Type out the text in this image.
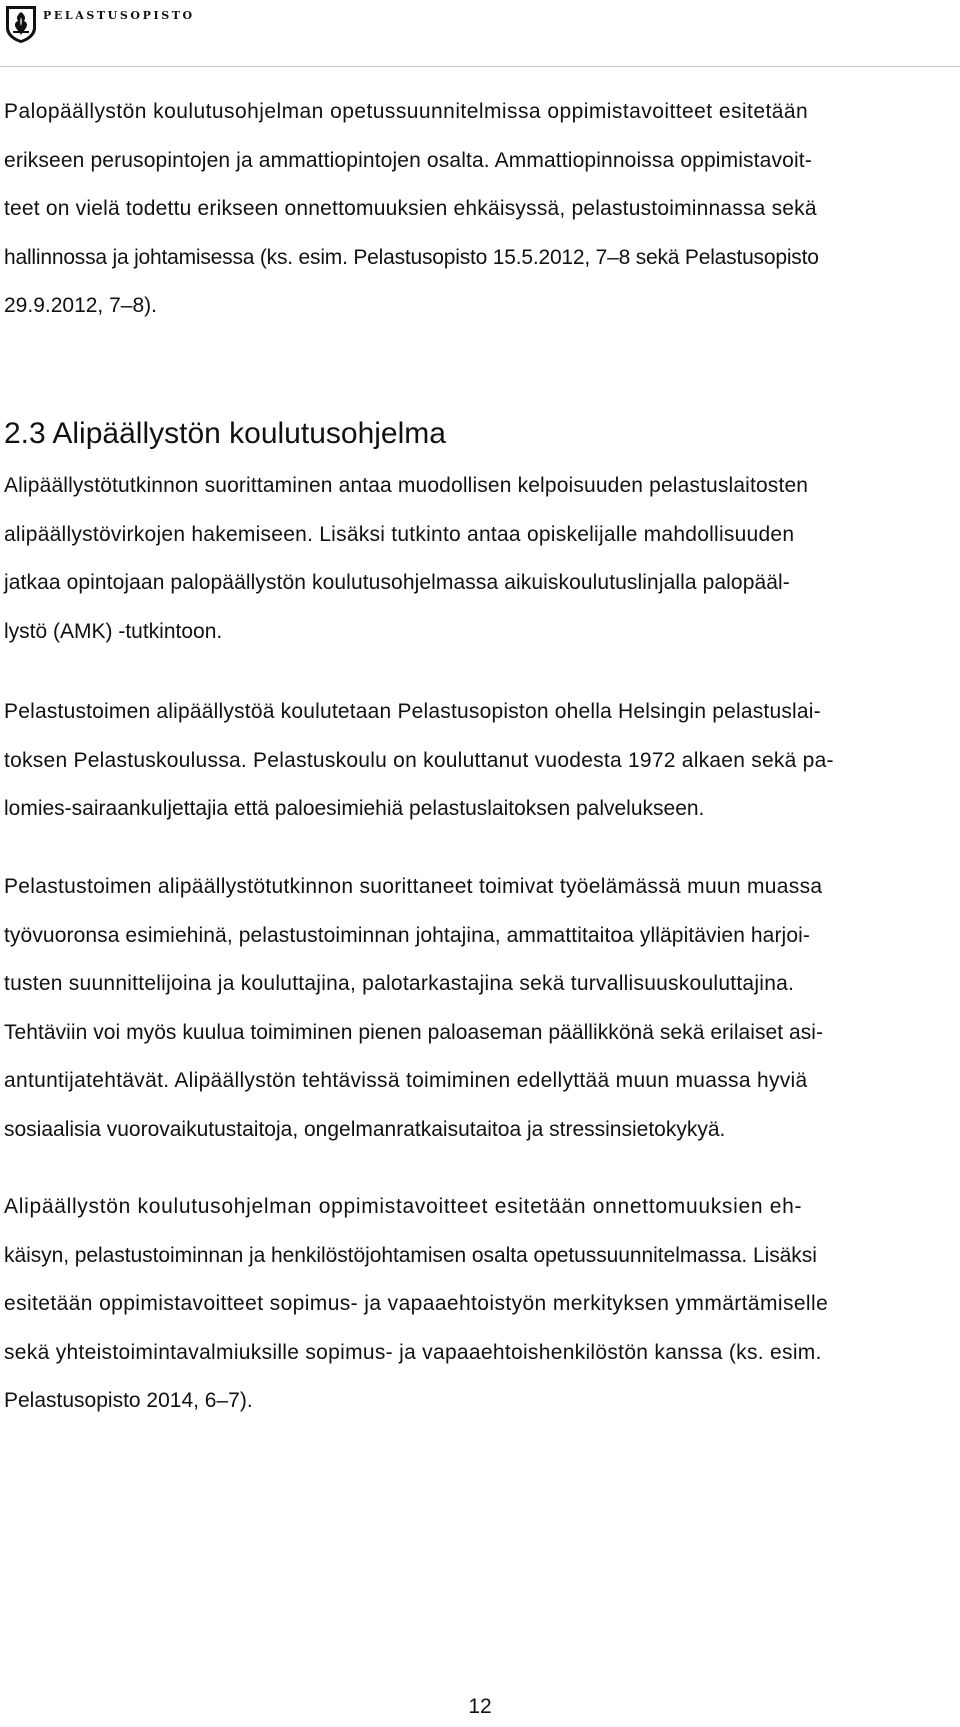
PELASTUSOPISTO

Palopäällystön koulutusohjelman opetussuunnitelmissa oppimistavoitteet esitetään
erikseen perusopintojen ja ammattiopintojen osalta. Ammattiopinnoissa oppimistavoit-
teet on vielä todettu erikseen onnettomuuksien ehkäisyssä, pelastustoiminnassa sekä
hallinnossa ja johtamisessa (ks. esim. Pelastusopisto 15.5.2012, 7–8 sekä Pelastusopisto
29.9.2012, 7–8).

2.3 Alipäällystön koulutusohjelma

Alipäällystötutkinnon suorittaminen antaa muodollisen kelpoisuuden pelastuslaitosten
alipäällystövirkojen hakemiseen. Lisäksi tutkinto antaa opiskelijalle mahdollisuuden
jatkaa opintojaan palopäällystön koulutusohjelmassa aikuiskoulutuslinjalla palopääl-
lystö (AMK) -tutkintoon.

Pelastustoimen alipäällystöä koulutetaan Pelastusopiston ohella Helsingin pelastuslai-
toksen Pelastuskoulussa. Pelastuskoulu on kouluttanut vuodesta 1972 alkaen sekä pa-
lomies-sairaankuljettajia että paloesimiehiä pelastuslaitoksen palvelukseen.

Pelastustoimen alipäällystötutkinnon suorittaneet toimivat työelämässä muun muassa
työvuoronsa esimiehinä, pelastustoiminnan johtajina, ammattitaitoa ylläpitävien harjoi-
tusten suunnittelijoina ja kouluttajina, palotarkastajina sekä turvallisuuskouluttajina.
Tehtäviin voi myös kuulua toimiminen pienen paloaseman päällikkönä sekä erilaiset asi-
antuntijatehtävät. Alipäällystön tehtävissä toimiminen edellyttää muun muassa hyviä
sosiaalisia vuorovaikutustaitoja, ongelmanratkaisutaitoa ja stressinsietokykyä.

Alipäällystön koulutusohjelman oppimistavoitteet esitetään onnettomuuksien eh-
käisyn, pelastustoiminnan ja henkilöstöjohtamisen osalta opetussuunnitelmassa. Lisäksi
esitetään oppimistavoitteet sopimus- ja vapaaehtoistyön merkityksen ymmärtämiselle
sekä yhteistoimintavalmiuksille sopimus- ja vapaaehtoishenkilöstön kanssa (ks. esim.
Pelastusopisto 2014, 6–7).

12
